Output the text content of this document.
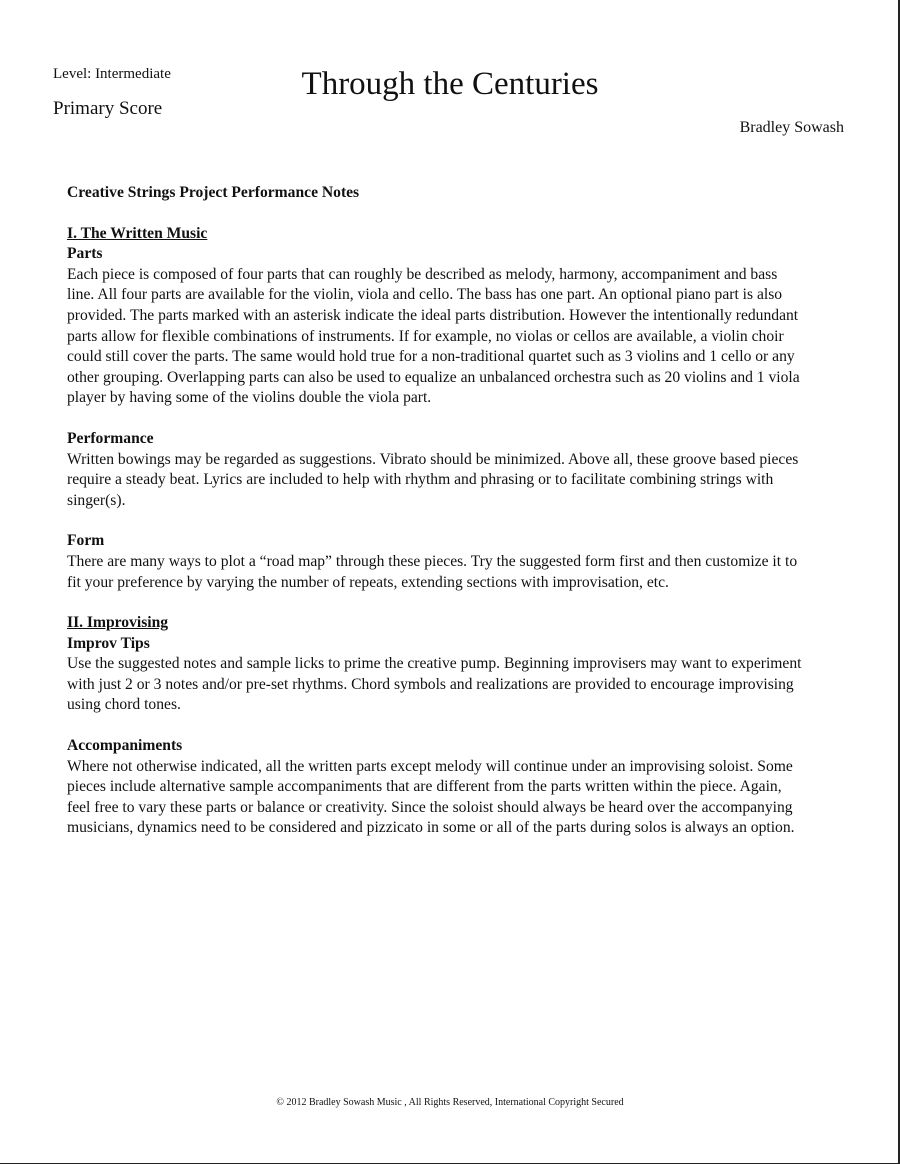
Level: Intermediate
Primary Score
Through the Centuries
Bradley Sowash

Creative Strings Project Performance Notes

I. The Written Music

Parts

Each piece is composed of four parts that can roughly be described as melody, harmony, accompaniment and bass line. All four parts are available for the violin, viola and cello. The bass has one part. An optional piano part is also provided. The parts marked with an asterisk indicate the ideal parts distribution. However the intentionally redundant parts allow for flexible combinations of instruments. If for example, no violas or cellos are available, a violin choir could still cover the parts. The same would hold true for a non-traditional quartet such as 3 violins and 1 cello or any other grouping. Overlapping parts can also be used to equalize an unbalanced orchestra such as 20 violins and 1 viola player by having some of the violins double the viola part.

Performance

Written bowings may be regarded as suggestions. Vibrato should be minimized. Above all, these groove based pieces require a steady beat. Lyrics are included to help with rhythm and phrasing or to facilitate combining strings with singer(s).

Form

There are many ways to plot a “road map” through these pieces. Try the suggested form first and then customize it to fit your preference by varying the number of repeats, extending sections with improvisation, etc.

II. Improvising

Improv Tips

Use the suggested notes and sample licks to prime the creative pump. Beginning improvisers may want to experiment with just 2 or 3 notes and/or pre-set rhythms. Chord symbols and realizations are provided to encourage improvising using chord tones.

Accompaniments

Where not otherwise indicated, all the written parts except melody will continue under an improvising soloist. Some pieces include alternative sample accompaniments that are different from the parts written within the piece. Again, feel free to vary these parts or balance or creativity. Since the soloist should always be heard over the accompanying musicians, dynamics need to be considered and pizzicato in some or all of the parts during solos is always an option.

© 2012 Bradley Sowash Music , All Rights Reserved, International Copyright Secured
